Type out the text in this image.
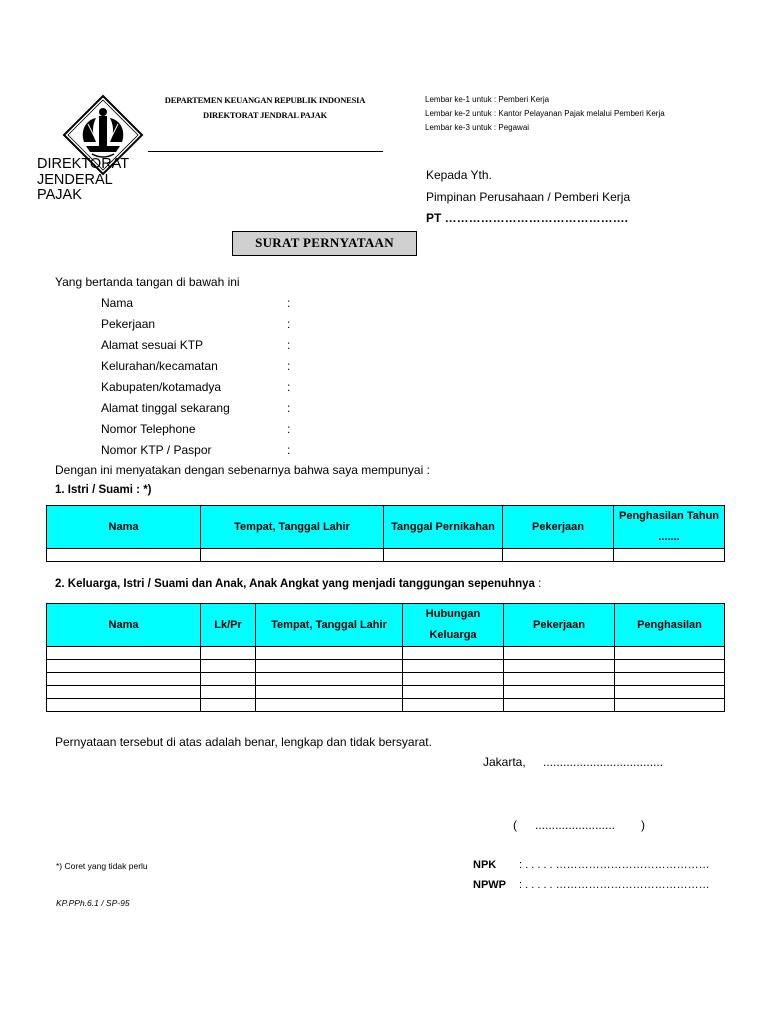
DIREKTORAT
JENDERAL
PAJAK
DEPARTEMEN KEUANGAN REPUBLIK INDONESIA
DIREKTORAT JENDRAL PAJAK
Lembar ke-1 untuk : Pemberi Kerja
Lembar ke-2 untuk : Kantor Pelayanan Pajak melalui Pemberi Kerja
Lembar ke-3 untuk : Pegawai
Kepada Yth.
Pimpinan Perusahaan / Pemberi Kerja
PT ……………………………………….
SURAT PERNYATAAN
Yang bertanda tangan di bawah ini
Nama	:
Pekerjaan	:
Alamat sesuai KTP	:
Kelurahan/kecamatan	:
Kabupaten/kotamadya	:
Alamat tinggal sekarang	:
Nomor Telephone	:
Nomor KTP / Paspor	:
Dengan ini menyatakan dengan sebenarnya bahwa saya mempunyai :
1. Istri / Suami : *)
Nama	Tempat, Tanggal Lahir	Tanggal Pernikahan	Pekerjaan	Penghasilan Tahun .......

2. Keluarga, Istri / Suami dan Anak, Anak Angkat yang menjadi tanggungan sepenuhnya :
Nama	Lk/Pr	Tempat, Tanggal Lahir	Hubungan Keluarga	Pekerjaan	Penghasilan

Pernyataan tersebut di atas adalah benar, lengkap dan tidak bersyarat.
Jakarta, ....................................
( ........................ )
*) Coret yang tidak perlu	NPK : . . . . . ……………………………………
NPWP : . . . . . ……………………………………
KP.PPh.6.1 / SP-95
